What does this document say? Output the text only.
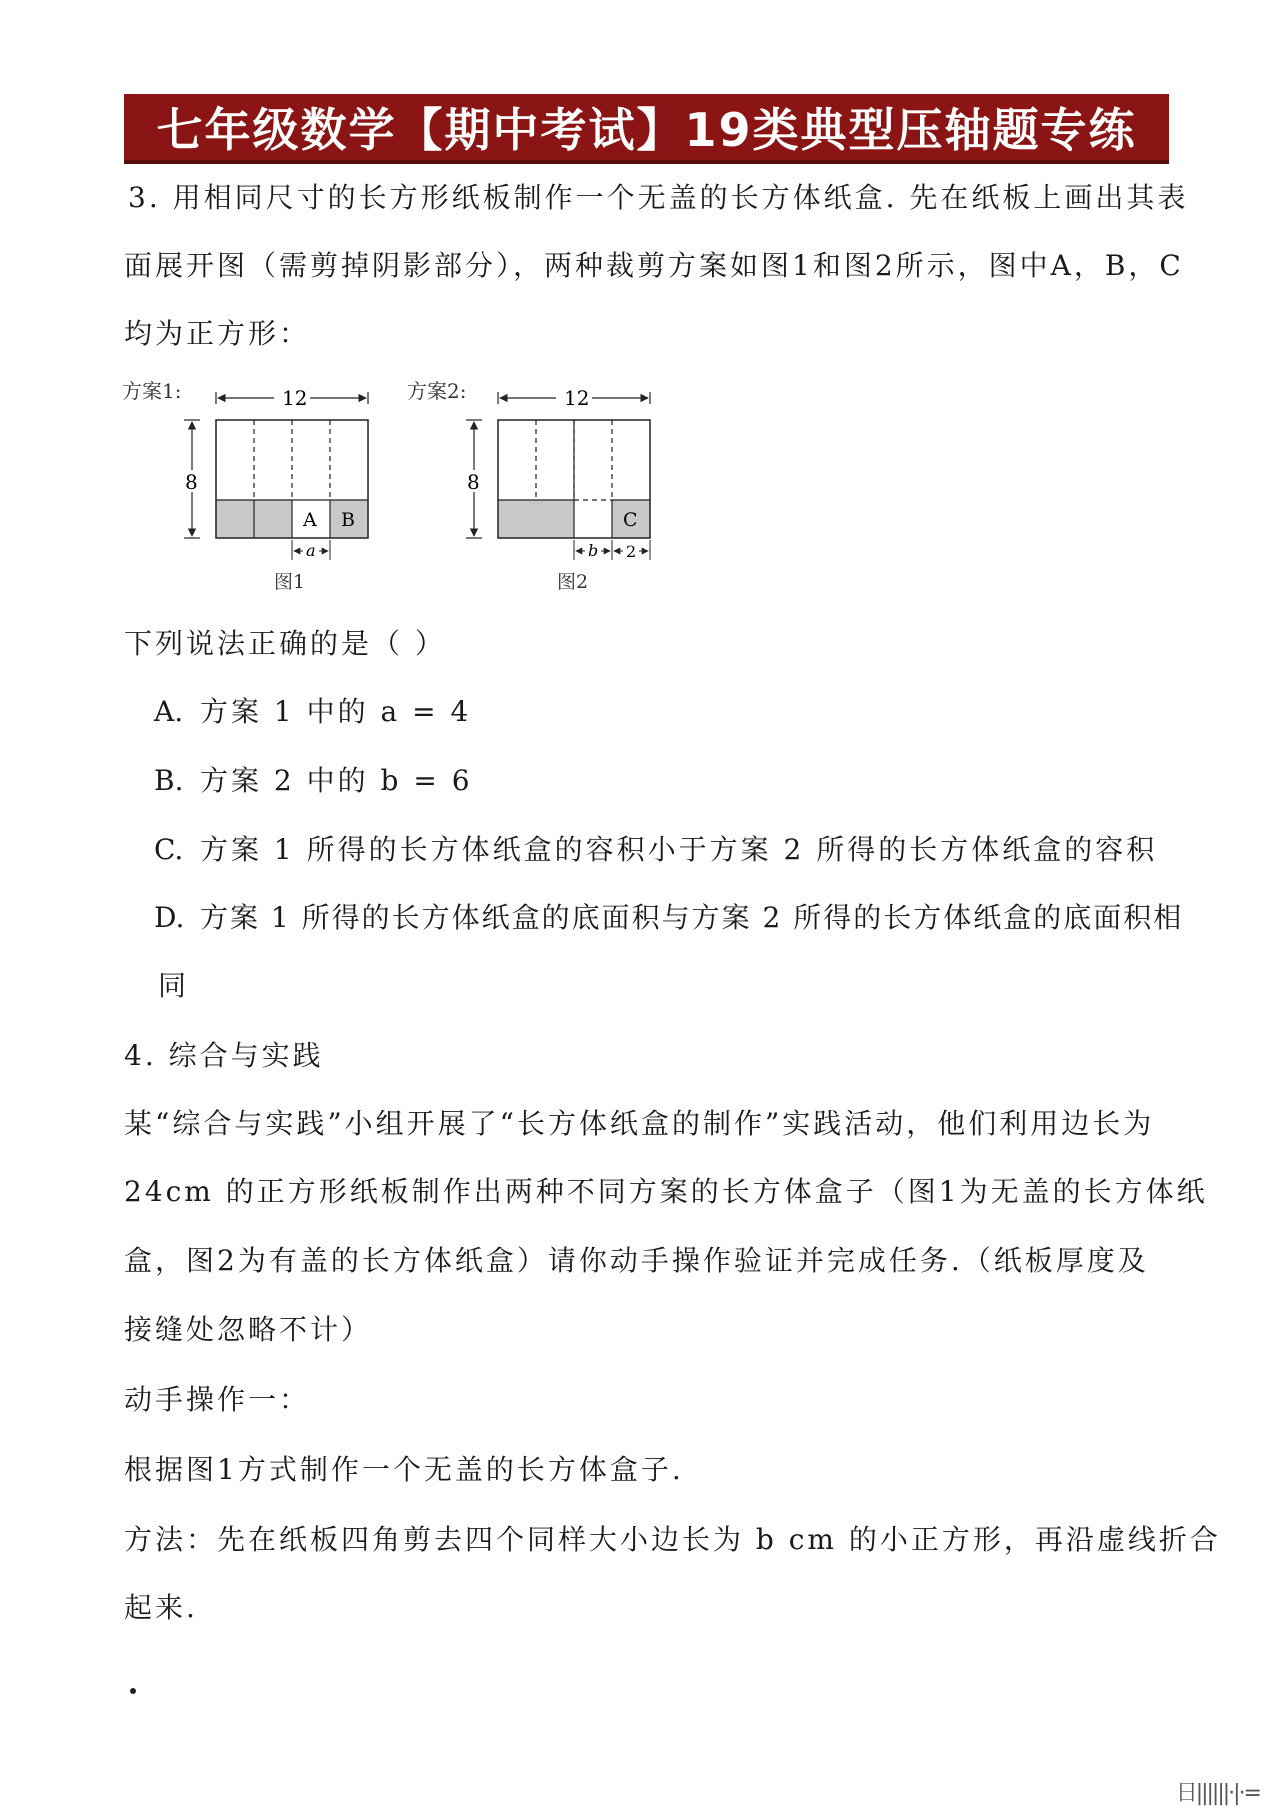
七年级数学【期中考试】19类典型压轴题专练
3. 用相同尺寸的长方形纸板制作一个无盖的长方体纸盒. 先在纸板上画出其表
面展开图（需剪掉阴影部分），两种裁剪方案如图1和图2所示，图中A，B，C
均为正方形：
方案1:	12
8
A B
a
图1
方案2:	12
8
C
b 2
图2
下列说法正确的是（ ）
A. 方案 1 中的 a = 4
B. 方案 2 中的 b = 6
C. 方案 1 所得的长方体纸盒的容积小于方案 2 所得的长方体纸盒的容积
D. 方案 1 所得的长方体纸盒的底面积与方案 2 所得的长方体纸盒的底面积相
同
4. 综合与实践
某“综合与实践”小组开展了“长方体纸盒的制作”实践活动，他们利用边长为
24cm 的正方形纸板制作出两种不同方案的长方体盒子（图1为无盖的长方体纸
盒，图2为有盖的长方体纸盒）请你动手操作验证并完成任务.（纸板厚度及
接缝处忽略不计）
动手操作一：
根据图1方式制作一个无盖的长方体盒子.
方法：先在纸板四角剪去四个同样大小边长为 b cm 的小正方形，再沿虚线折合
起来.
日||||||·|·=
